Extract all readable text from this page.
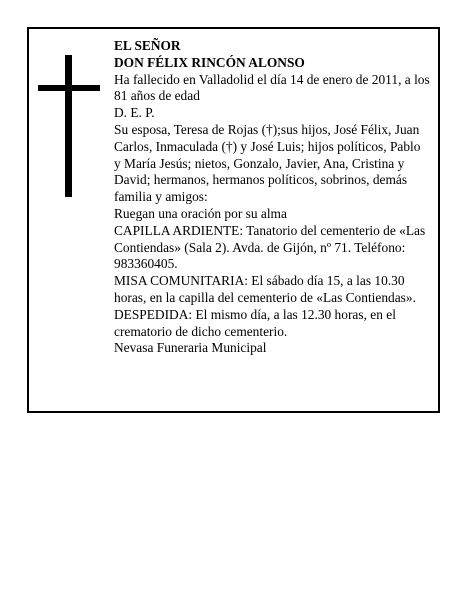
EL SEÑOR

DON FÉLIX RINCÓN ALONSO

Ha fallecido en Valladolid el día 14 de enero de 2011, a los 81 años de edad

D. E. P.

Su esposa, Teresa de Rojas (†);sus hijos, José Félix, Juan Carlos, Inmaculada (†) y José Luis; hijos políticos, Pablo y María Jesús; nietos, Gonzalo, Javier, Ana, Cristina y David; hermanos, hermanos políticos, sobrinos, demás familia y amigos:

Ruegan una oración por su alma

CAPILLA ARDIENTE: Tanatorio del cementerio de «Las Contiendas» (Sala 2). Avda. de Gijón, nº 71. Teléfono: 983360405.

MISA COMUNITARIA: El sábado día 15, a las 10.30 horas, en la capilla del cementerio de «Las Contiendas».

DESPEDIDA: El mismo día, a las 12.30 horas, en el crematorio de dicho cementerio.

Nevasa Funeraria Municipal
